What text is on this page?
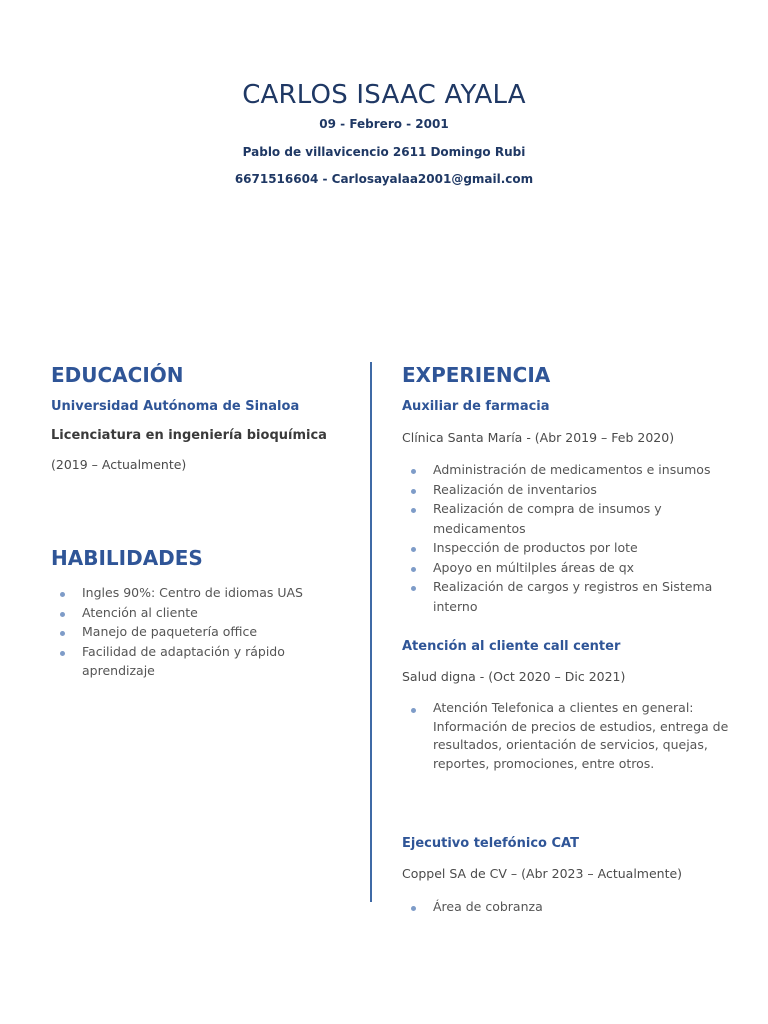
CARLOS ISAAC AYALA
09 - Febrero - 2001
Pablo de villavicencio 2611 Domingo Rubi
6671516604 - Carlosayalaa2001@gmail.com
EDUCACIÓN
Universidad Autónoma de Sinaloa
Licenciatura en ingeniería bioquímica
(2019 – Actualmente)
HABILIDADES
Ingles 90%: Centro de idiomas UAS
Atención al cliente
Manejo de paquetería office
Facilidad de adaptación y rápido aprendizaje
EXPERIENCIA
Auxiliar de farmacia
Clínica Santa María - (Abr 2019 – Feb 2020)
Administración de medicamentos e insumos
Realización de inventarios
Realización de compra de insumos y medicamentos
Inspección de productos por lote
Apoyo en múltilples áreas de qx
Realización de cargos y registros en Sistema interno
Atención al cliente call center
Salud digna - (Oct 2020 – Dic 2021)
Atención Telefonica a clientes en general: Información de precios de estudios, entrega de resultados, orientación de servicios, quejas, reportes, promociones, entre otros.
Ejecutivo telefónico CAT
Coppel SA de CV – (Abr 2023 – Actualmente)
Área de cobranza
